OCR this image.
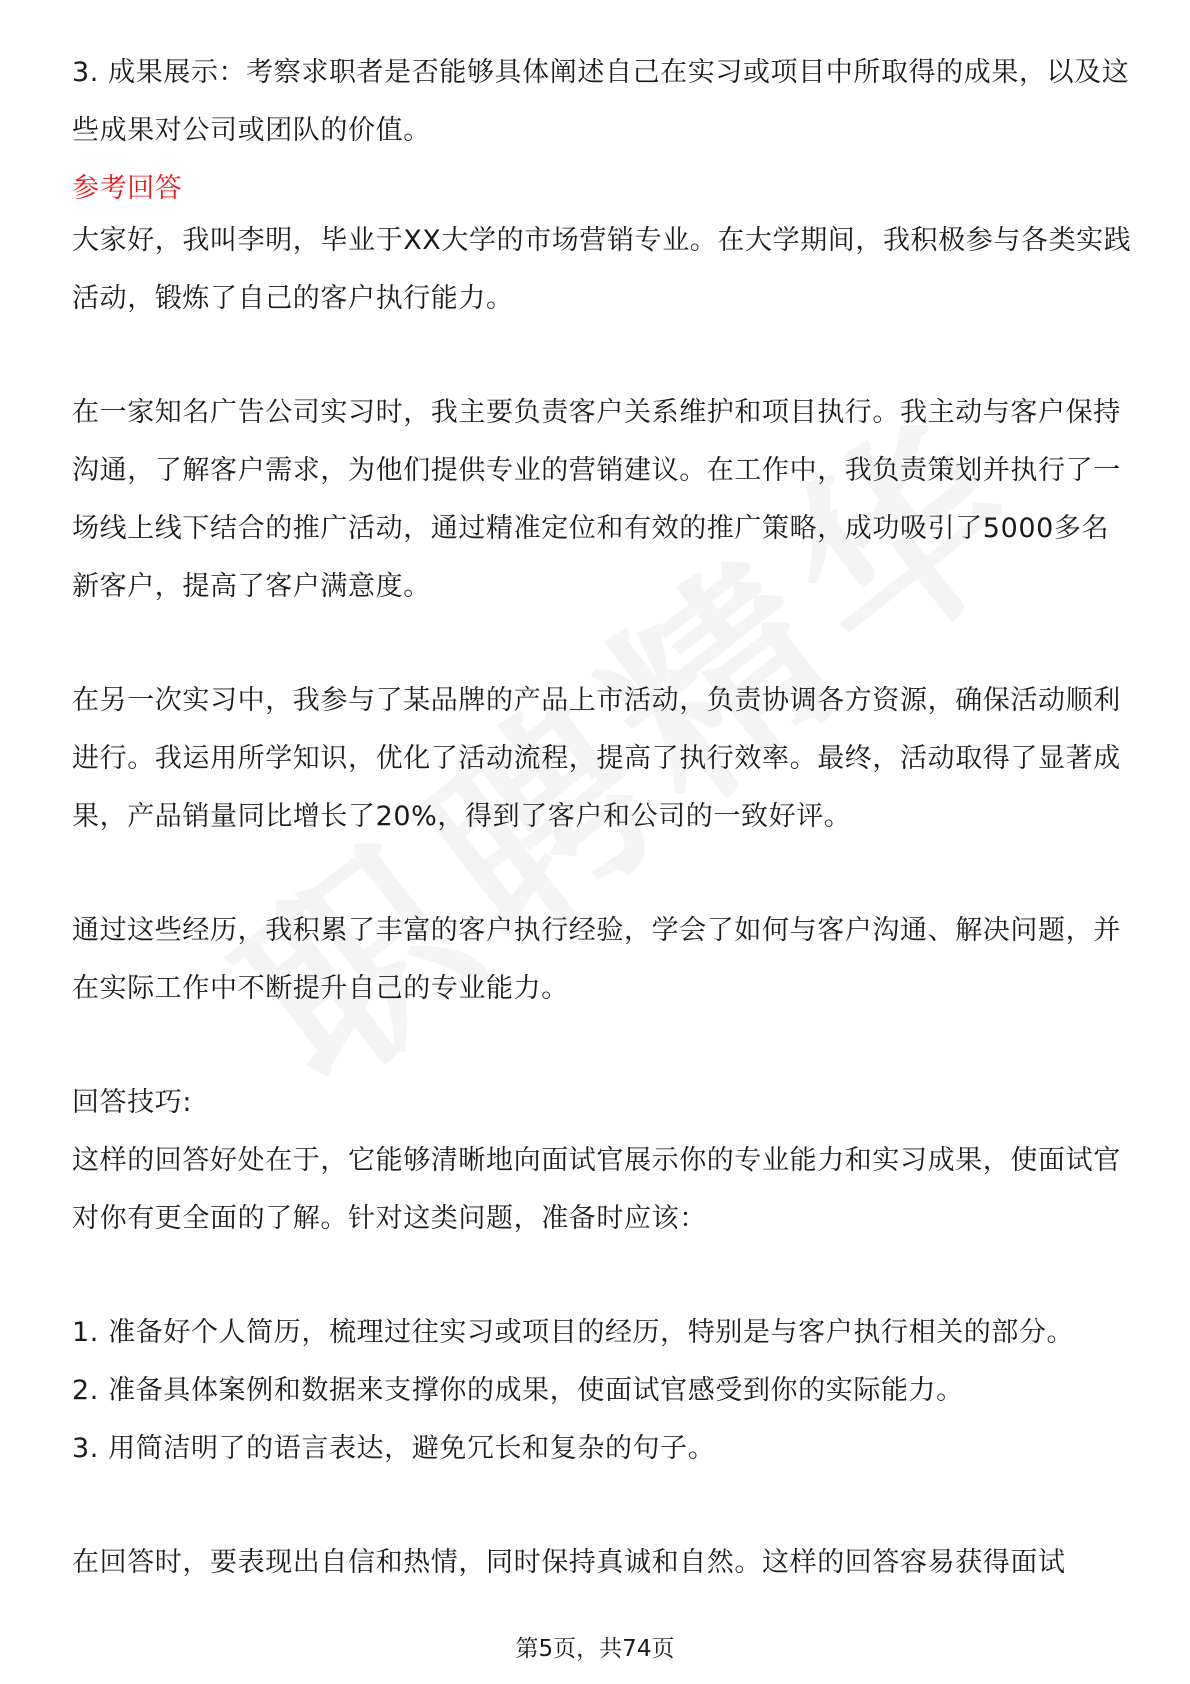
3. 成果展示：考察求职者是否能够具体阐述自己在实习或项目中所取得的成果，以及这些成果对公司或团队的价值。

参考回答

大家好，我叫李明，毕业于XX大学的市场营销专业。在大学期间，我积极参与各类实践活动，锻炼了自己的客户执行能力。

在一家知名广告公司实习时，我主要负责客户关系维护和项目执行。我主动与客户保持沟通，了解客户需求，为他们提供专业的营销建议。在工作中，我负责策划并执行了一场线上线下结合的推广活动，通过精准定位和有效的推广策略，成功吸引了5000多名新客户，提高了客户满意度。

在另一次实习中，我参与了某品牌的产品上市活动，负责协调各方资源，确保活动顺利进行。我运用所学知识，优化了活动流程，提高了执行效率。最终，活动取得了显著成果，产品销量同比增长了20%，得到了客户和公司的一致好评。

通过这些经历，我积累了丰富的客户执行经验，学会了如何与客户沟通、解决问题，并在实际工作中不断提升自己的专业能力。

回答技巧:

这样的回答好处在于，它能够清晰地向面试官展示你的专业能力和实习成果，使面试官对你有更全面的了解。针对这类问题，准备时应该：

1. 准备好个人简历，梳理过往实习或项目的经历，特别是与客户执行相关的部分。

2. 准备具体案例和数据来支撑你的成果，使面试官感受到你的实际能力。

3. 用简洁明了的语言表达，避免冗长和复杂的句子。

在回答时，要表现出自信和热情，同时保持真诚和自然。这样的回答容易获得面试

第5页，共74页
